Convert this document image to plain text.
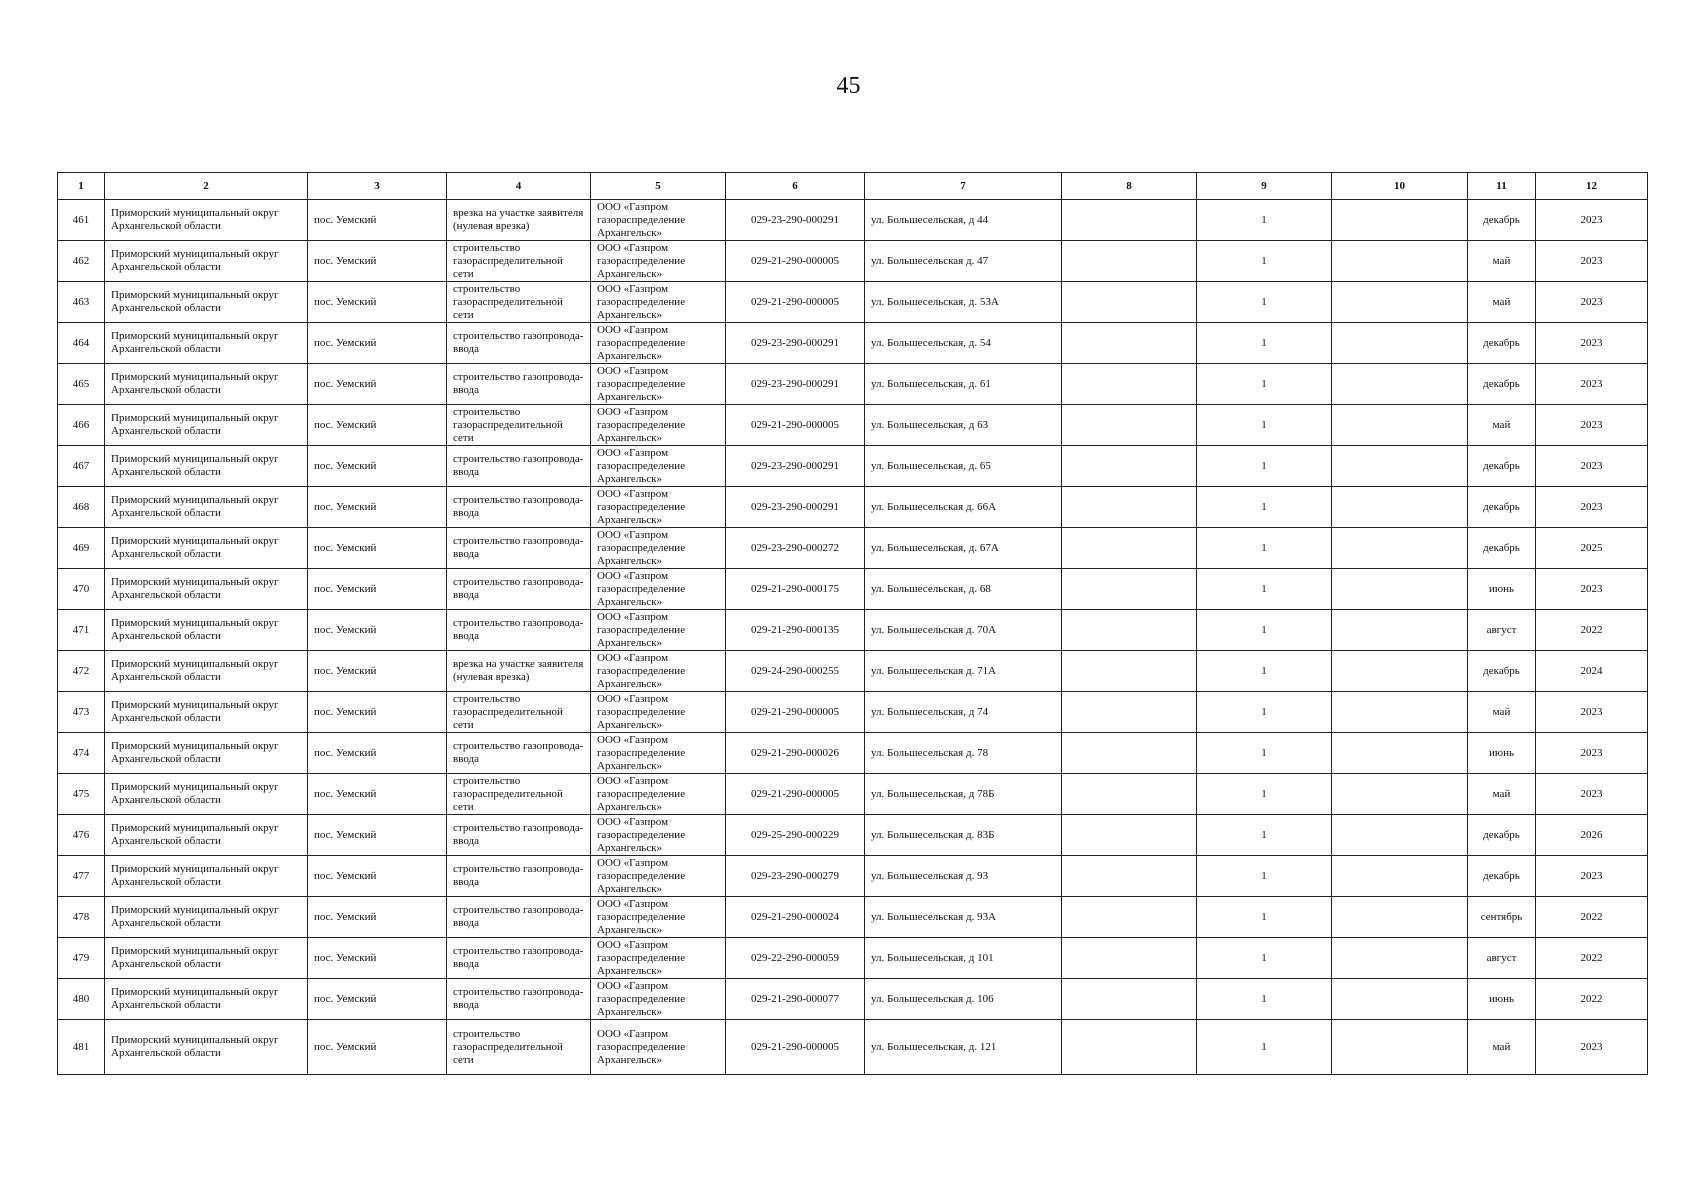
45
1	2	3	4	5	6	7	8	9	10	11	12
461	Приморский муниципальный округ Архангельской области	пос. Уемский	врезка на участке заявителя (нулевая врезка)	ООО «Газпром газораспределение Архангельск»	029-23-290-000291	ул. Большесельская, д 44		1		декабрь	2023
462	Приморский муниципальный округ Архангельской области	пос. Уемский	строительство газораспределительной сети	ООО «Газпром газораспределение Архангельск»	029-21-290-000005	ул. Большесельская д. 47		1		май	2023
463	Приморский муниципальный округ Архангельской области	пос. Уемский	строительство газораспределительной сети	ООО «Газпром газораспределение Архангельск»	029-21-290-000005	ул. Большесельская, д. 53А		1		май	2023
464	Приморский муниципальный округ Архангельской области	пос. Уемский	строительство газопровода-ввода	ООО «Газпром газораспределение Архангельск»	029-23-290-000291	ул. Большесельская, д. 54		1		декабрь	2023
465	Приморский муниципальный округ Архангельской области	пос. Уемский	строительство газопровода-ввода	ООО «Газпром газораспределение Архангельск»	029-23-290-000291	ул. Большесельская, д. 61		1		декабрь	2023
466	Приморский муниципальный округ Архангельской области	пос. Уемский	строительство газораспределительной сети	ООО «Газпром газораспределение Архангельск»	029-21-290-000005	ул. Большесельская, д 63		1		май	2023
467	Приморский муниципальный округ Архангельской области	пос. Уемский	строительство газопровода-ввода	ООО «Газпром газораспределение Архангельск»	029-23-290-000291	ул. Большесельская, д. 65		1		декабрь	2023
468	Приморский муниципальный округ Архангельской области	пос. Уемский	строительство газопровода-ввода	ООО «Газпром газораспределение Архангельск»	029-23-290-000291	ул. Большесельская д. 66А		1		декабрь	2023
469	Приморский муниципальный округ Архангельской области	пос. Уемский	строительство газопровода-ввода	ООО «Газпром газораспределение Архангельск»	029-23-290-000272	ул. Большесельская, д. 67А		1		декабрь	2025
470	Приморский муниципальный округ Архангельской области	пос. Уемский	строительство газопровода-ввода	ООО «Газпром газораспределение Архангельск»	029-21-290-000175	ул. Большесельская, д. 68		1		июнь	2023
471	Приморский муниципальный округ Архангельской области	пос. Уемский	строительство газопровода-ввода	ООО «Газпром газораспределение Архангельск»	029-21-290-000135	ул. Большесельская д. 70А		1		август	2022
472	Приморский муниципальный округ Архангельской области	пос. Уемский	врезка на участке заявителя (нулевая врезка)	ООО «Газпром газораспределение Архангельск»	029-24-290-000255	ул. Большесельская д. 71А		1		декабрь	2024
473	Приморский муниципальный округ Архангельской области	пос. Уемский	строительство газораспределительной сети	ООО «Газпром газораспределение Архангельск»	029-21-290-000005	ул. Большесельская, д 74		1		май	2023
474	Приморский муниципальный округ Архангельской области	пос. Уемский	строительство газопровода-ввода	ООО «Газпром газораспределение Архангельск»	029-21-290-000026	ул. Большесельская д. 78		1		июнь	2023
475	Приморский муниципальный округ Архангельской области	пос. Уемский	строительство газораспределительной сети	ООО «Газпром газораспределение Архангельск»	029-21-290-000005	ул. Большесельская, д 78Б		1		май	2023
476	Приморский муниципальный округ Архангельской области	пос. Уемский	строительство газопровода-ввода	ООО «Газпром газораспределение Архангельск»	029-25-290-000229	ул. Большесельская д. 83Б		1		декабрь	2026
477	Приморский муниципальный округ Архангельской области	пос. Уемский	строительство газопровода-ввода	ООО «Газпром газораспределение Архангельск»	029-23-290-000279	ул. Большесельская д. 93		1		декабрь	2023
478	Приморский муниципальный округ Архангельской области	пос. Уемский	строительство газопровода-ввода	ООО «Газпром газораспределение Архангельск»	029-21-290-000024	ул. Большесельская д. 93А		1		сентябрь	2022
479	Приморский муниципальный округ Архангельской области	пос. Уемский	строительство газопровода-ввода	ООО «Газпром газораспределение Архангельск»	029-22-290-000059	ул. Большесельская, д 101		1		август	2022
480	Приморский муниципальный округ Архангельской области	пос. Уемский	строительство газопровода-ввода	ООО «Газпром газораспределение Архангельск»	029-21-290-000077	ул. Большесельская д. 106		1		июнь	2022
481	Приморский муниципальный округ Архангельской области	пос. Уемский	строительство газораспределительной сети	ООО «Газпром газораспределение Архангельск»	029-21-290-000005	ул. Большесельская, д. 121		1		май	2023
